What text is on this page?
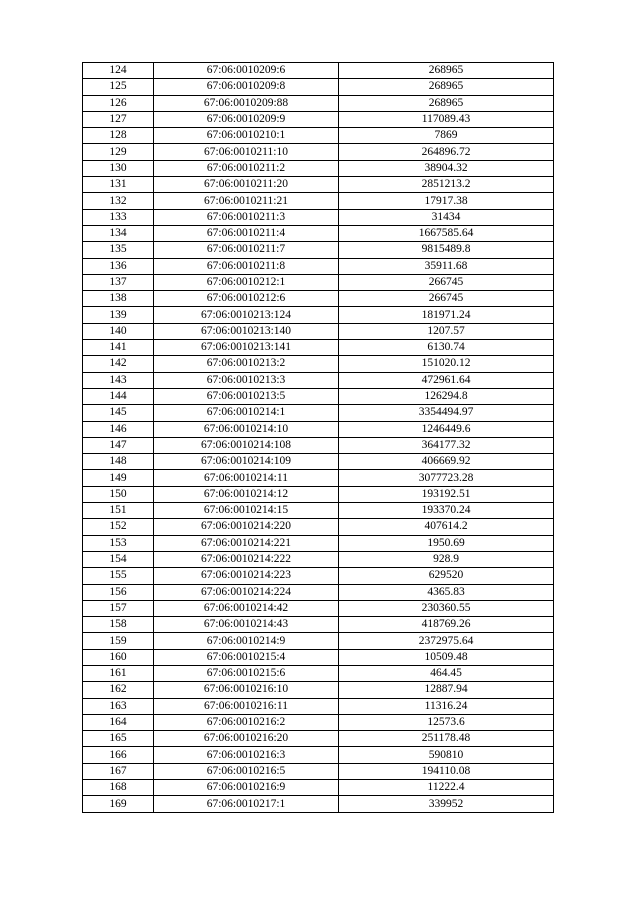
124	67:06:0010209:6	268965
125	67:06:0010209:8	268965
126	67:06:0010209:88	268965
127	67:06:0010209:9	117089.43
128	67:06:0010210:1	7869
129	67:06:0010211:10	264896.72
130	67:06:0010211:2	38904.32
131	67:06:0010211:20	2851213.2
132	67:06:0010211:21	17917.38
133	67:06:0010211:3	31434
134	67:06:0010211:4	1667585.64
135	67:06:0010211:7	9815489.8
136	67:06:0010211:8	35911.68
137	67:06:0010212:1	266745
138	67:06:0010212:6	266745
139	67:06:0010213:124	181971.24
140	67:06:0010213:140	1207.57
141	67:06:0010213:141	6130.74
142	67:06:0010213:2	151020.12
143	67:06:0010213:3	472961.64
144	67:06:0010213:5	126294.8
145	67:06:0010214:1	3354494.97
146	67:06:0010214:10	1246449.6
147	67:06:0010214:108	364177.32
148	67:06:0010214:109	406669.92
149	67:06:0010214:11	3077723.28
150	67:06:0010214:12	193192.51
151	67:06:0010214:15	193370.24
152	67:06:0010214:220	407614.2
153	67:06:0010214:221	1950.69
154	67:06:0010214:222	928.9
155	67:06:0010214:223	629520
156	67:06:0010214:224	4365.83
157	67:06:0010214:42	230360.55
158	67:06:0010214:43	418769.26
159	67:06:0010214:9	2372975.64
160	67:06:0010215:4	10509.48
161	67:06:0010215:6	464.45
162	67:06:0010216:10	12887.94
163	67:06:0010216:11	11316.24
164	67:06:0010216:2	12573.6
165	67:06:0010216:20	251178.48
166	67:06:0010216:3	590810
167	67:06:0010216:5	194110.08
168	67:06:0010216:9	11222.4
169	67:06:0010217:1	339952
